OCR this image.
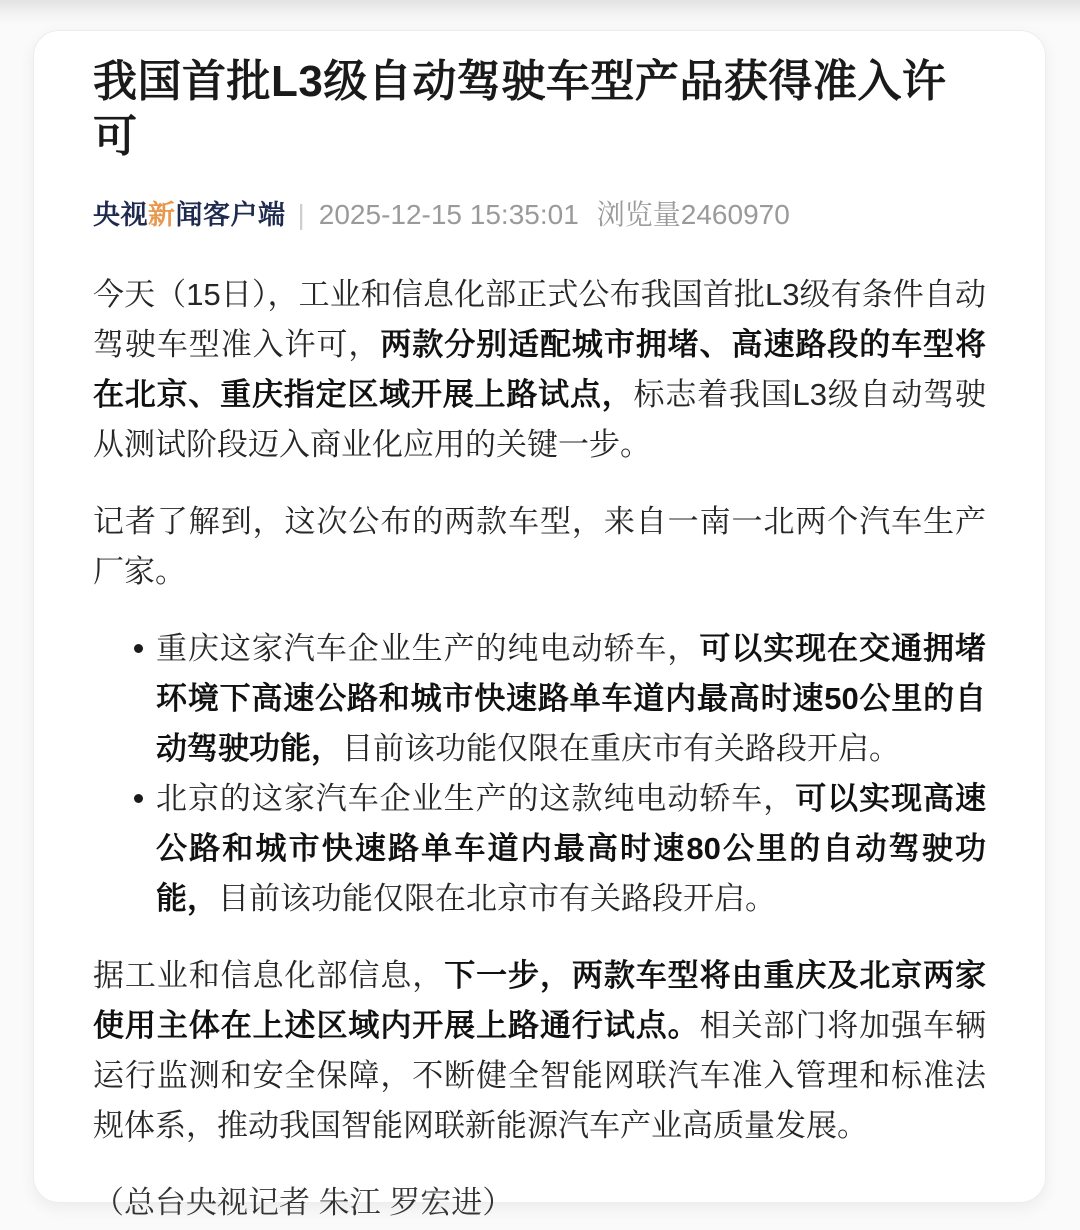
我国首批L3级自动驾驶车型产品获得准入许可
央视新闻客户端 | 2025-12-15 15:35:01 浏览量2460970

今天（15日），工业和信息化部正式公布我国首批L3级有条件自动驾驶车型准入许可，两款分别适配城市拥堵、高速路段的车型将在北京、重庆指定区域开展上路试点，标志着我国L3级自动驾驶从测试阶段迈入商业化应用的关键一步。

记者了解到，这次公布的两款车型，来自一南一北两个汽车生产厂家。

重庆这家汽车企业生产的纯电动轿车，可以实现在交通拥堵环境下高速公路和城市快速路单车道内最高时速50公里的自动驾驶功能，目前该功能仅限在重庆市有关路段开启。
北京的这家汽车企业生产的这款纯电动轿车，可以实现高速公路和城市快速路单车道内最高时速80公里的自动驾驶功能，目前该功能仅限在北京市有关路段开启。

据工业和信息化部信息，下一步，两款车型将由重庆及北京两家使用主体在上述区域内开展上路通行试点。相关部门将加强车辆运行监测和安全保障，不断健全智能网联汽车准入管理和标准法规体系，推动我国智能网联新能源汽车产业高质量发展。

（总台央视记者 朱江 罗宏进）
